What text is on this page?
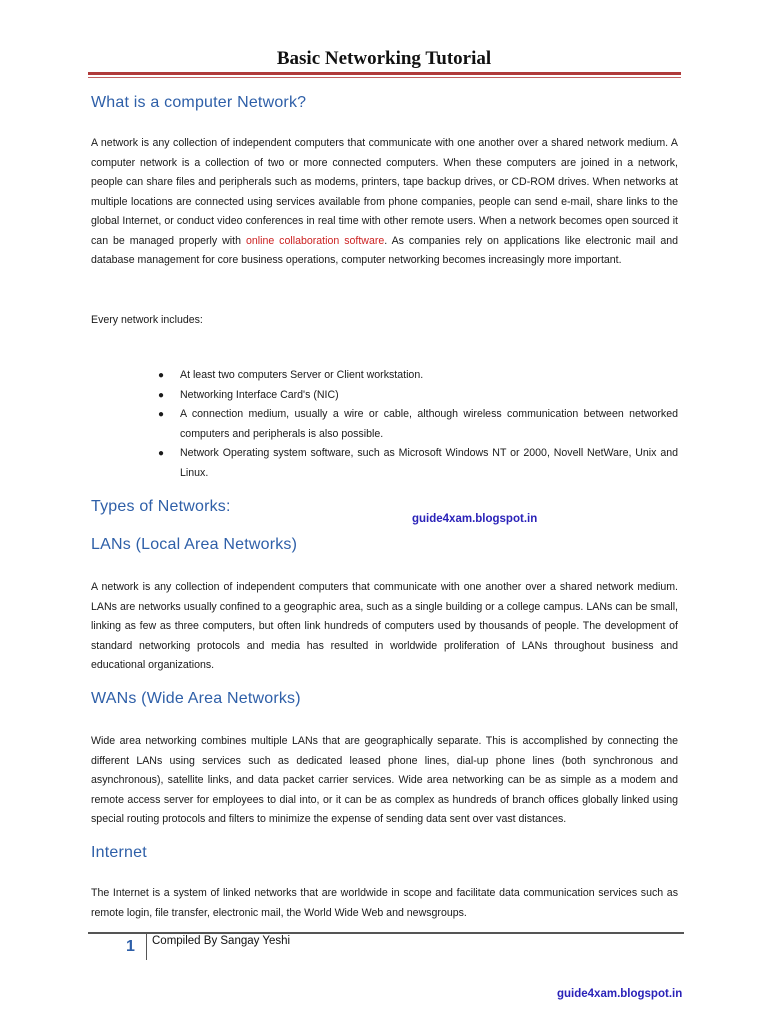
Basic Networking Tutorial
What is a computer Network?
A network is any collection of independent computers that communicate with one another over a shared network medium. A computer network is a collection of two or more connected computers. When these computers are joined in a network, people can share files and peripherals such as modems, printers, tape backup drives, or CD-ROM drives. When networks at multiple locations are connected using services available from phone companies, people can send e-mail, share links to the global Internet, or conduct video conferences in real time with other remote users. When a network becomes open sourced it can be managed properly with online collaboration software. As companies rely on applications like electronic mail and database management for core business operations, computer networking becomes increasingly more important.
Every network includes:
● At least two computers Server or Client workstation.
● Networking Interface Card's (NIC)
● A connection medium, usually a wire or cable, although wireless communication between networked computers and peripherals is also possible.
● Network Operating system software, such as Microsoft Windows NT or 2000, Novell NetWare, Unix and Linux.
Types of Networks:
guide4xam.blogspot.in
LANs (Local Area Networks)
A network is any collection of independent computers that communicate with one another over a shared network medium. LANs are networks usually confined to a geographic area, such as a single building or a college campus. LANs can be small, linking as few as three computers, but often link hundreds of computers used by thousands of people. The development of standard networking protocols and media has resulted in worldwide proliferation of LANs throughout business and educational organizations.
WANs (Wide Area Networks)
Wide area networking combines multiple LANs that are geographically separate. This is accomplished by connecting the different LANs using services such as dedicated leased phone lines, dial-up phone lines (both synchronous and asynchronous), satellite links, and data packet carrier services. Wide area networking can be as simple as a modem and remote access server for employees to dial into, or it can be as complex as hundreds of branch offices globally linked using special routing protocols and filters to minimize the expense of sending data sent over vast distances.
Internet
The Internet is a system of linked networks that are worldwide in scope and facilitate data communication services such as remote login, file transfer, electronic mail, the World Wide Web and newsgroups.
1 Compiled By Sangay Yeshi
guide4xam.blogspot.in
